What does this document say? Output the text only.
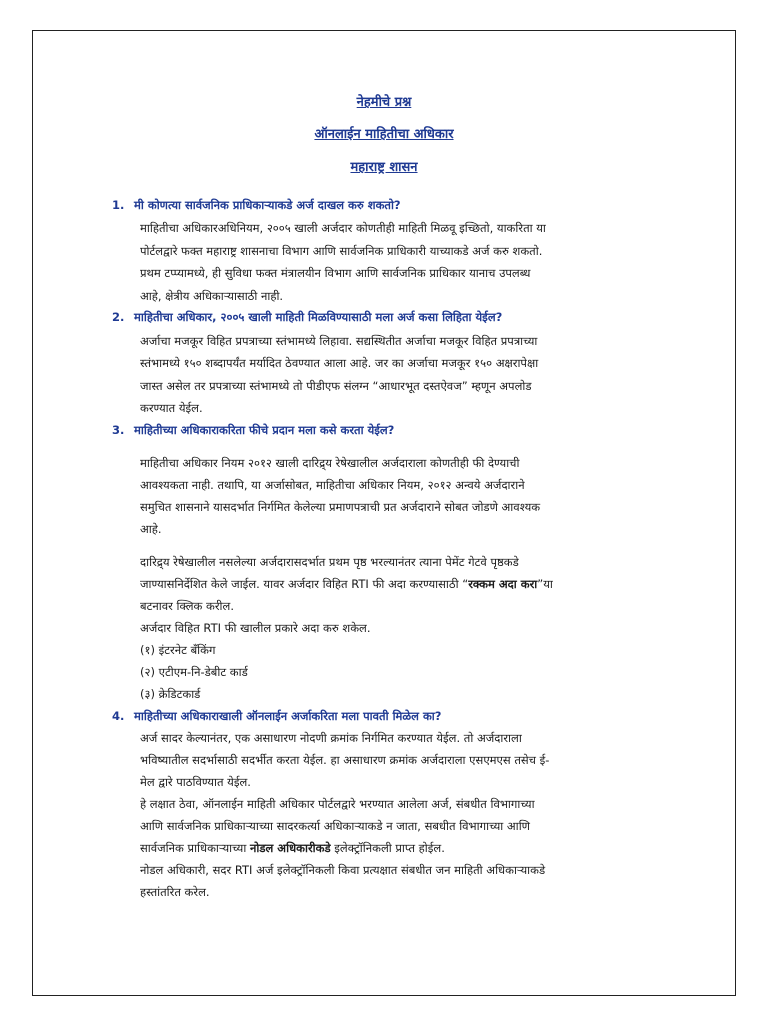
नेहमीचे प्रश्न
ऑनलाईन माहितीचा अधिकार
महाराष्ट्र शासन
1. मी कोणत्या सार्वजनिक प्राधिकाऱ्याकडे अर्ज दाखल करु शकतो?
माहितीचा अधिकारअधिनियम, २००५ खाली अर्जदार कोणतीही माहिती मिळवू इच्छितो, याकरिता या
पोर्टलद्वारे फक्त महाराष्ट्र शासनाचा विभाग आणि सार्वजनिक प्राधिकारी याच्याकडे अर्ज करु शकतो.
प्रथम टप्प्यामध्ये, ही सुविधा फक्त मंत्रालयीन विभाग आणि सार्वजनिक प्राधिकार यानाच उपलब्ध
आहे, क्षेत्रीय अधिकाऱ्यासाठी नाही.
2. माहितीचा अधिकार, २००५ खाली माहिती मिळविण्यासाठी मला अर्ज कसा लिहिता येईल?
अर्जाचा मजकूर विहित प्रपत्राच्या स्तंभामध्ये लिहावा. सद्यस्थितीत अर्जाचा मजकूर विहित प्रपत्राच्या
स्तंभामध्ये १५० शब्दापर्यंत मर्यादित ठेवण्यात आला आहे. जर का अर्जाचा मजकूर १५० अक्षरापेक्षा
जास्त असेल तर प्रपत्राच्या स्तंभामध्ये तो पीडीएफ संलग्न “आधारभूत दस्तऐवज” म्हणून अपलोड
करण्यात येईल.
3. माहितीच्या अधिकाराकरिता फीचे प्रदान मला कसे करता येईल?
माहितीचा अधिकार नियम २०१२ खाली दारिद्र्य रेषेखालील अर्जदाराला कोणतीही फी देण्याची
आवश्यकता नाही. तथापि, या अर्जासोबत, माहितीचा अधिकार नियम, २०१२ अन्वये अर्जदाराने
समुचित शासनाने यासदर्भात निर्गमित केलेल्या प्रमाणपत्राची प्रत अर्जदाराने सोबत जोडणे आवश्यक
आहे.
दारिद्र्य रेषेखालील नसलेल्या अर्जदारासदर्भात प्रथम पृष्ठ भरल्यानंतर त्याना पेमेंट गेटवे पृष्ठकडे
जाण्यासनिर्देशित केले जाईल. यावर अर्जदार विहित RTI फी अदा करण्यासाठी “रक्कम अदा करा”या
बटनावर क्लिक करील.
अर्जदार विहित RTI फी खालील प्रकारे अदा करु शकेल.
(१) इंटरनेट बँकिंग
(२) एटीएम-नि-डेबीट कार्ड
(३) क्रेडिटकार्ड
4. माहितीच्या अधिकाराखाली ऑनलाईन अर्जाकरिता मला पावती मिळेल का?
अर्ज सादर केल्यानंतर, एक असाधारण नोदणी क्रमांक निर्गमित करण्यात येईल. तो अर्जदाराला
भविष्यातील सदर्भासाठी सदर्भीत करता येईल. हा असाधारण क्रमांक अर्जदाराला एसएमएस तसेच ई-
मेल द्वारे पाठविण्यात येईल.
हे लक्षात ठेवा, ऑनलाईन माहिती अधिकार पोर्टलद्वारे भरण्यात आलेला अर्ज, संबधीत विभागाच्या
आणि सार्वजनिक प्राधिकाऱ्याच्या सादरकर्त्या अधिकाऱ्याकडे न जाता, सबधीत विभागाच्या आणि
सार्वजनिक प्राधिकाऱ्याच्या नोडल अधिकारीकडे इलेक्ट्रॉनिकली प्राप्त होईल.
नोडल अधिकारी, सदर RTI अर्ज इलेक्ट्रॉनिकली किवा प्रत्यक्षात संबधीत जन माहिती अधिकाऱ्याकडे
हस्तांतरित करेल.
